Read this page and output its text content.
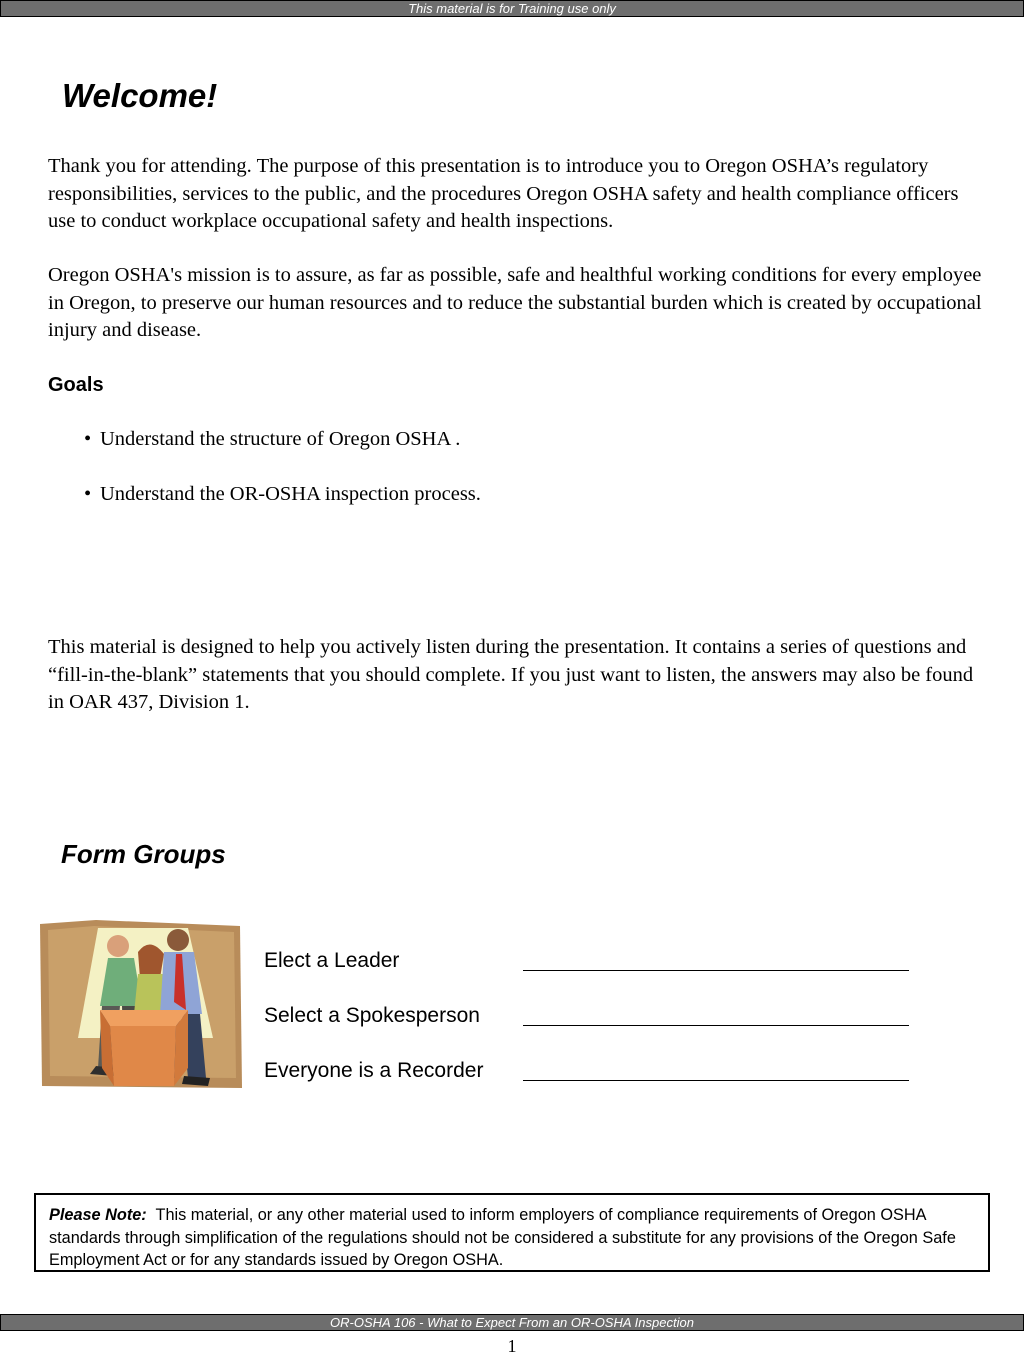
This material is for Training use only
Welcome!

Thank you for attending. The purpose of this presentation is to introduce you to Oregon OSHA’s regulatory responsibilities, services to the public, and the procedures Oregon OSHA safety and health compliance officers use to conduct workplace occupational safety and health inspections.

Oregon OSHA's mission is to assure, as far as possible, safe and healthful working conditions for every employee in Oregon, to preserve our human resources and to reduce the substantial burden which is created by occupational injury and disease.

Goals
• Understand the structure of Oregon OSHA .
• Understand the OR-OSHA inspection process.

This material is designed to help you actively listen during the presentation. It contains a series of questions and “fill-in-the-blank” statements that you should complete. If you just want to listen, the answers may also be found in OAR 437, Division 1.

Form Groups
Elect a Leader
Select a Spokesperson
Everyone is a Recorder
Please Note: This material, or any other material used to inform employers of compliance requirements of Oregon OSHA standards through simplification of the regulations should not be considered a substitute for any provisions of the Oregon Safe Employment Act or for any standards issued by Oregon OSHA.
OR-OSHA 106 - What to Expect From an OR-OSHA Inspection
1
